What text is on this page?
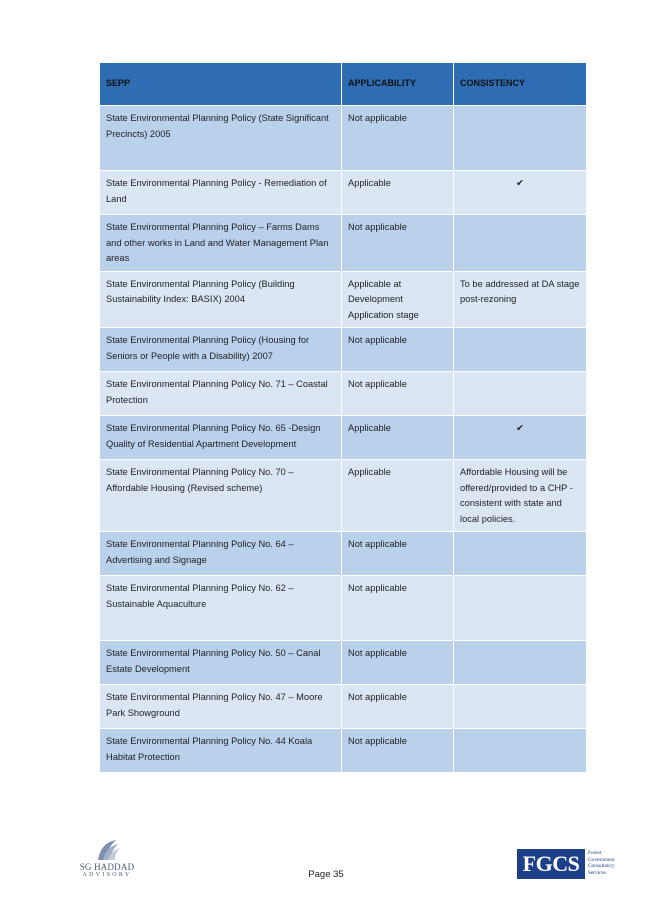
SEPP	APPLICABILITY	CONSISTENCY
State Environmental Planning Policy (State Significant Precincts) 2005	Not applicable	
State Environmental Planning Policy - Remediation of Land	Applicable	✔
State Environmental Planning Policy – Farms Dams and other works in Land and Water Management Plan areas	Not applicable	
State Environmental Planning Policy (Building Sustainability Index: BASIX) 2004	Applicable at Development Application stage	To be addressed at DA stage post-rezoning
State Environmental Planning Policy (Housing for Seniors or People with a Disability) 2007	Not applicable	
State Environmental Planning Policy No. 71 – Coastal Protection	Not applicable	
State Environmental Planning Policy No. 65 -Design Quality of Residential Apartment Development	Applicable	✔
State Environmental Planning Policy No. 70 – Affordable Housing (Revised scheme)	Applicable	Affordable Housing will be offered/provided to a CHP - consistent with state and local policies.
State Environmental Planning Policy No. 64 – Advertising and Signage	Not applicable	
State Environmental Planning Policy No. 62 – Sustainable Aquaculture	Not applicable	
State Environmental Planning Policy No. 50 – Canal Estate Development	Not applicable	
State Environmental Planning Policy No. 47 – Moore Park Showground	Not applicable	
State Environmental Planning Policy No. 44 Koala Habitat Protection	Not applicable	
SG HADDAD
ADVISORY	Page 35	FGCS	Forest
Government
Consultancy
Services
